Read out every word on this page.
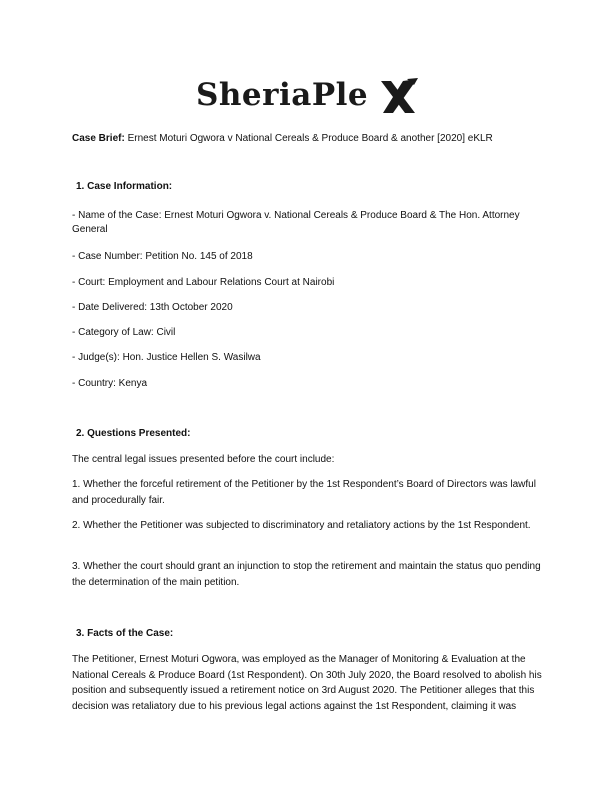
SheriaPle
Case Brief: Ernest Moturi Ogwora v National Cereals & Produce Board & another [2020] eKLR
1. Case Information:
- Name of the Case: Ernest Moturi Ogwora v. National Cereals & Produce Board & The Hon. Attorney
General
- Case Number: Petition No. 145 of 2018
- Court: Employment and Labour Relations Court at Nairobi
- Date Delivered: 13th October 2020
- Category of Law: Civil
- Judge(s): Hon. Justice Hellen S. Wasilwa
- Country: Kenya
2. Questions Presented:
The central legal issues presented before the court include:
1. Whether the forceful retirement of the Petitioner by the 1st Respondent’s Board of Directors was lawful and procedurally fair.
2. Whether the Petitioner was subjected to discriminatory and retaliatory actions by the 1st Respondent.
3. Whether the court should grant an injunction to stop the retirement and maintain the status quo pending the determination of the main petition.
3. Facts of the Case:
The Petitioner, Ernest Moturi Ogwora, was employed as the Manager of Monitoring & Evaluation at the National Cereals & Produce Board (1st Respondent). On 30th July 2020, the Board resolved to abolish his position and subsequently issued a retirement notice on 3rd August 2020. The Petitioner alleges that this decision was retaliatory due to his previous legal actions against the 1st Respondent, claiming it was
